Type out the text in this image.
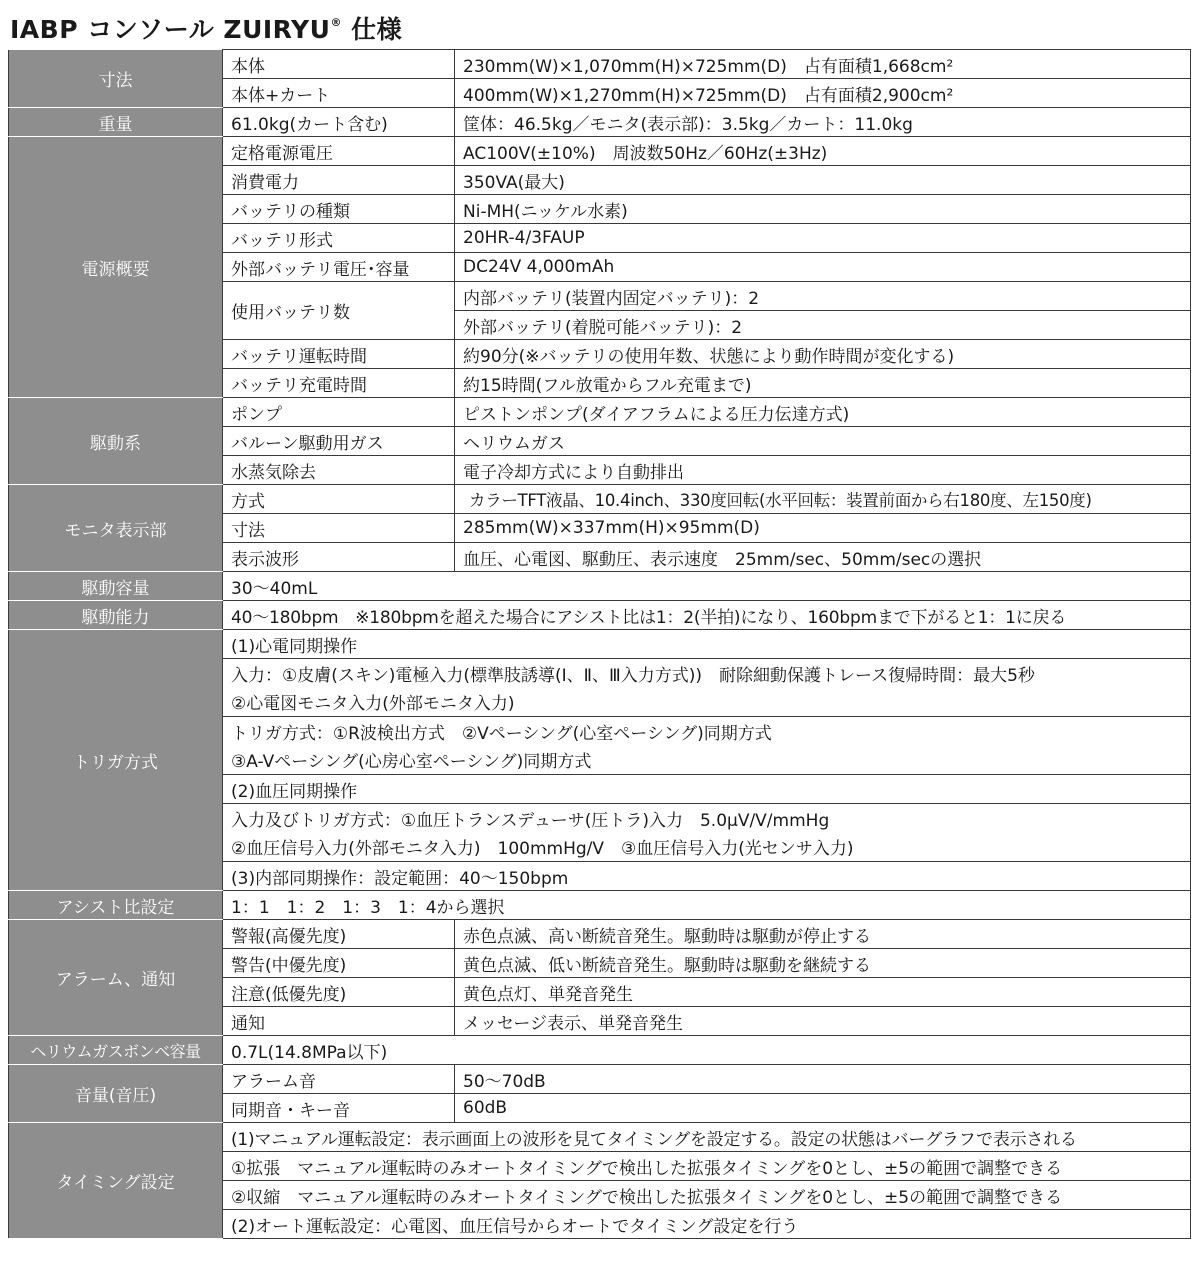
IABP コンソール ZUIRYU® 仕様
寸法	本体	230mm(W)×1,070mm(H)×725mm(D)　占有面積1,668cm²
	本体+カート	400mm(W)×1,270mm(H)×725mm(D)　占有面積2,900cm²
重量	61.0kg(カート含む)	筐体：46.5kg／モニタ(表示部)：3.5kg／カート：11.0kg
電源概要	定格電源電圧	AC100V(±10%)　周波数50Hz／60Hz(±3Hz)
	消費電力	350VA(最大)
	バッテリの種類	Ni-MH(ニッケル水素)
	バッテリ形式	20HR-4/3FAUP
	外部バッテリ電圧･容量	DC24V 4,000mAh
	使用バッテリ数	内部バッテリ(装置内固定バッテリ)：2
		外部バッテリ(着脱可能バッテリ)：2
	バッテリ運転時間	約90分(※バッテリの使用年数、状態により動作時間が変化する)
	バッテリ充電時間	約15時間(フル放電からフル充電まで)
駆動系	ポンプ	ピストンポンプ(ダイアフラムによる圧力伝達方式)
	バルーン駆動用ガス	ヘリウムガス
	水蒸気除去	電子冷却方式により自動排出
モニタ表示部	方式	カラーTFT液晶、10.4inch、330度回転(水平回転：装置前面から右180度、左150度)
	寸法	285mm(W)×337mm(H)×95mm(D)
	表示波形	血圧、心電図、駆動圧、表示速度　25mm/sec、50mm/secの選択
駆動容量	30〜40mL	
駆動能力	40〜180bpm　※180bpmを超えた場合にアシスト比は1：2(半拍)になり、160bpmまで下がると1：1に戻る	
トリガ方式	(1)心電同期操作	
	入力：①皮膚(スキン)電極入力(標準肢誘導(Ⅰ、Ⅱ、Ⅲ入力方式))　耐除細動保護トレース復帰時間：最大5秒	
	②心電図モニタ入力(外部モニタ入力)	
	トリガ方式：①R波検出方式　②Vペーシング(心室ペーシング)同期方式	
	③A-Vペーシング(心房心室ペーシング)同期方式	
	(2)血圧同期操作	
	入力及びトリガ方式：①血圧トランスデューサ(圧トラ)入力　5.0μV/V/mmHg	
	②血圧信号入力(外部モニタ入力)　100mmHg/V　③血圧信号入力(光センサ入力)	
	(3)内部同期操作：設定範囲：40〜150bpm	
アシスト比設定	1：1　1：2　1：3　1：4から選択	
アラーム、通知	警報(高優先度)	赤色点滅、高い断続音発生。駆動時は駆動が停止する
	警告(中優先度)	黄色点滅、低い断続音発生。駆動時は駆動を継続する
	注意(低優先度)	黄色点灯、単発音発生
	通知	メッセージ表示、単発音発生
ヘリウムガスボンベ容量	0.7L(14.8MPa以下)	
音量(音圧)	アラーム音	50〜70dB
	同期音・キー音	60dB
タイミング設定	(1)マニュアル運転設定：表示画面上の波形を見てタイミングを設定する。設定の状態はバーグラフで表示される	
	①拡張　マニュアル運転時のみオートタイミングで検出した拡張タイミングを0とし、±5の範囲で調整できる	
	②収縮　マニュアル運転時のみオートタイミングで検出した拡張タイミングを0とし、±5の範囲で調整できる	
	(2)オート運転設定：心電図、血圧信号からオートでタイミング設定を行う	
